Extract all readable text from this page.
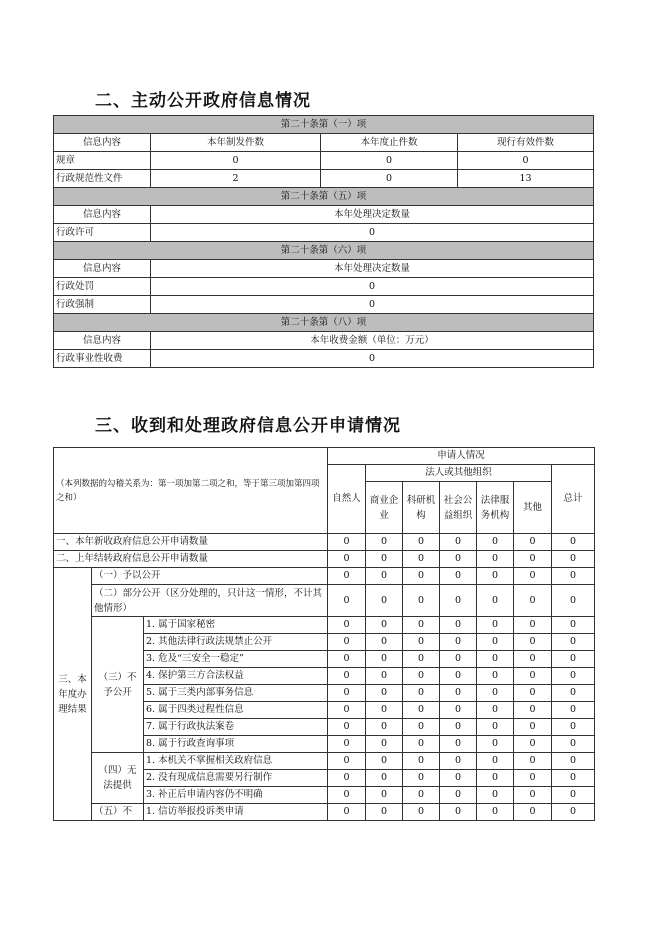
二、主动公开政府信息情况
第二十条第（一）项			
信息内容	本年制发件数	本年度止件数	现行有效件数
规章	0	0	0
行政规范性文件	2	0	13
第二十条第（五）项			
信息内容	本年处理决定数量		
行政许可	0		
第二十条第（六）项			
信息内容	本年处理决定数量		
行政处罚	0		
行政强制	0		
第二十条第（八）项			
信息内容	本年收费金额（单位：万元）		
行政事业性收费	0		
三、收到和处理政府信息公开申请情况
（本列数据的勾稽关系为：第一项加第二项之和，等于第三项加第四项之和）			申请人情况						
			自然人	法人或其他组织					总计
				商业企业	科研机构	社会公益组织	法律服务机构	其他	
一、本年新收政府信息公开申请数量			0	0	0	0	0	0	0
二、上年结转政府信息公开申请数量			0	0	0	0	0	0	0
三、本年度办理结果	（一）予以公开		0	0	0	0	0	0	0
	（二）部分公开（区分处理的，只计这一情形，不计其他情形）		0	0	0	0	0	0	0
	（三）不予公开	1. 属于国家秘密	0	0	0	0	0	0	0
		2. 其他法律行政法规禁止公开	0	0	0	0	0	0	0
		3. 危及“三安全一稳定”	0	0	0	0	0	0	0
		4. 保护第三方合法权益	0	0	0	0	0	0	0
		5. 属于三类内部事务信息	0	0	0	0	0	0	0
		6. 属于四类过程性信息	0	0	0	0	0	0	0
		7. 属于行政执法案卷	0	0	0	0	0	0	0
		8. 属于行政查询事项	0	0	0	0	0	0	0
	（四）无法提供	1. 本机关不掌握相关政府信息	0	0	0	0	0	0	0
		2. 没有现成信息需要另行制作	0	0	0	0	0	0	0
		3. 补正后申请内容仍不明确	0	0	0	0	0	0	0
	（五）不	1. 信访举报投诉类申请	0	0	0	0	0	0	0
